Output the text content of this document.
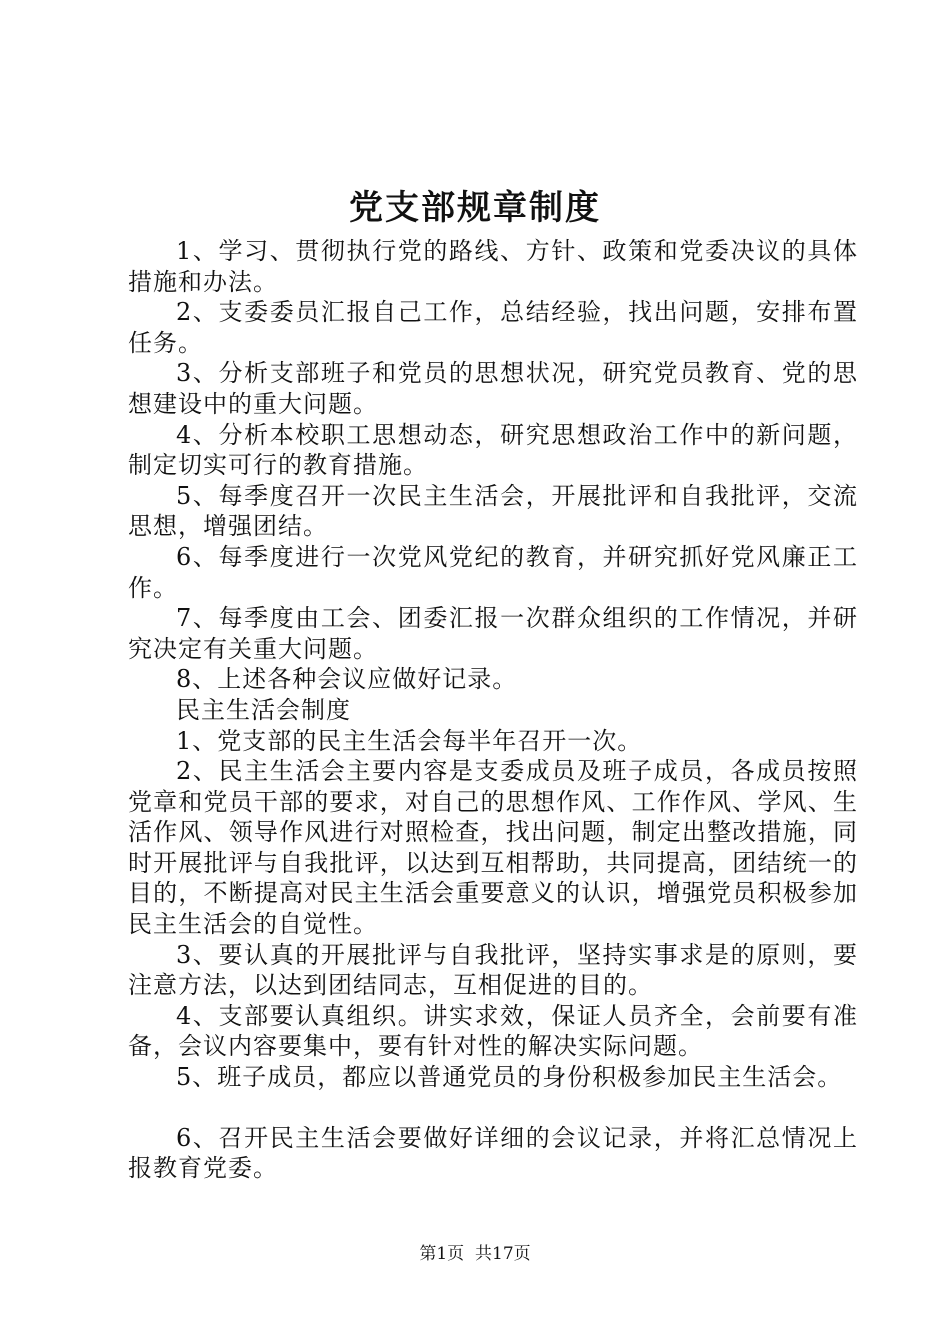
党支部规章制度

1、学习、贯彻执行党的路线、方针、政策和党委决议的具体措施和办法。

2、支委委员汇报自己工作，总结经验，找出问题，安排布置任务。

3、分析支部班子和党员的思想状况，研究党员教育、党的思想建设中的重大问题。

4、分析本校职工思想动态，研究思想政治工作中的新问题，制定切实可行的教育措施。

5、每季度召开一次民主生活会，开展批评和自我批评，交流思想，增强团结。

6、每季度进行一次党风党纪的教育，并研究抓好党风廉正工作。

7、每季度由工会、团委汇报一次群众组织的工作情况，并研究决定有关重大问题。

8、上述各种会议应做好记录。

民主生活会制度

1、党支部的民主生活会每半年召开一次。

2、民主生活会主要内容是支委成员及班子成员，各成员按照党章和党员干部的要求，对自己的思想作风、工作作风、学风、生活作风、领导作风进行对照检查，找出问题，制定出整改措施，同时开展批评与自我批评，以达到互相帮助，共同提高，团结统一的目的，不断提高对民主生活会重要意义的认识，增强党员积极参加民主生活会的自觉性。

3、要认真的开展批评与自我批评，坚持实事求是的原则，要注意方法，以达到团结同志，互相促进的目的。

4、支部要认真组织。讲实求效，保证人员齐全，会前要有准备，会议内容要集中，要有针对性的解决实际问题。

5、班子成员，都应以普通党员的身份积极参加民主生活会。

6、召开民主生活会要做好详细的会议记录，并将汇总情况上报教育党委。

第1页 共17页
